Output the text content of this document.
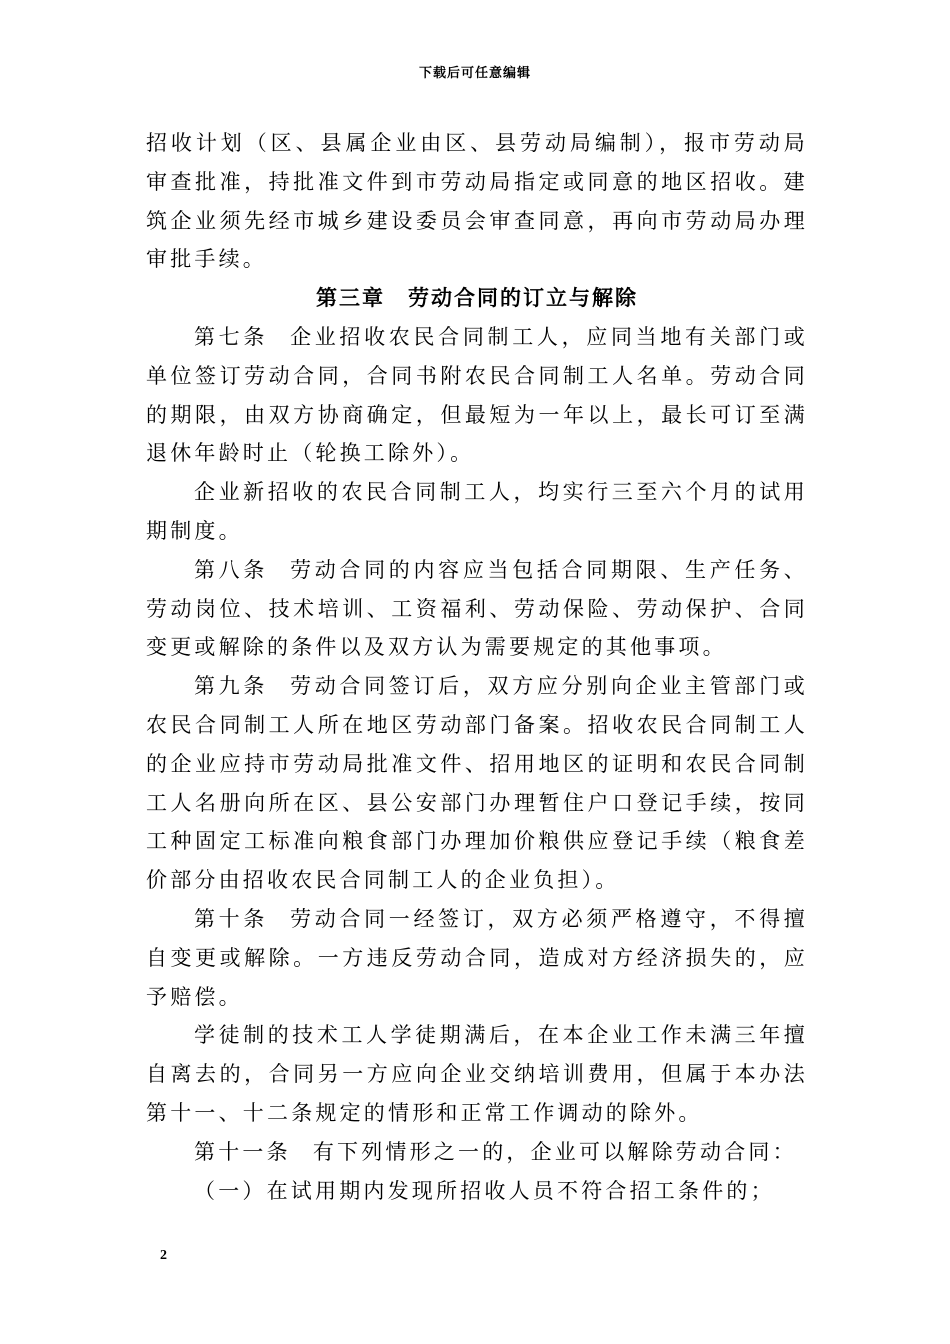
下载后可任意编辑

招收计划（区、县属企业由区、县劳动局编制），报市劳动局审查批准，持批准文件到市劳动局指定或同意的地区招收。建筑企业须先经市城乡建设委员会审查同意，再向市劳动局办理审批手续。

第三章　劳动合同的订立与解除

第七条 企业招收农民合同制工人，应同当地有关部门或单位签订劳动合同，合同书附农民合同制工人名单。劳动合同的期限，由双方协商确定，但最短为一年以上，最长可订至满退休年龄时止（轮换工除外）。

企业新招收的农民合同制工人，均实行三至六个月的试用期制度。

第八条 劳动合同的内容应当包括合同期限、生产任务、劳动岗位、技术培训、工资福利、劳动保险、劳动保护、合同变更或解除的条件以及双方认为需要规定的其他事项。

第九条 劳动合同签订后，双方应分别向企业主管部门或农民合同制工人所在地区劳动部门备案。招收农民合同制工人的企业应持市劳动局批准文件、招用地区的证明和农民合同制工人名册向所在区、县公安部门办理暂住户口登记手续，按同工种固定工标准向粮食部门办理加价粮供应登记手续（粮食差价部分由招收农民合同制工人的企业负担）。

第十条 劳动合同一经签订，双方必须严格遵守，不得擅自变更或解除。一方违反劳动合同，造成对方经济损失的，应予赔偿。

学徒制的技术工人学徒期满后，在本企业工作未满三年擅自离去的，合同另一方应向企业交纳培训费用，但属于本办法第十一、十二条规定的情形和正常工作调动的除外。

第十一条 有下列情形之一的，企业可以解除劳动合同：

（一）在试用期内发现所招收人员不符合招工条件的；

2
